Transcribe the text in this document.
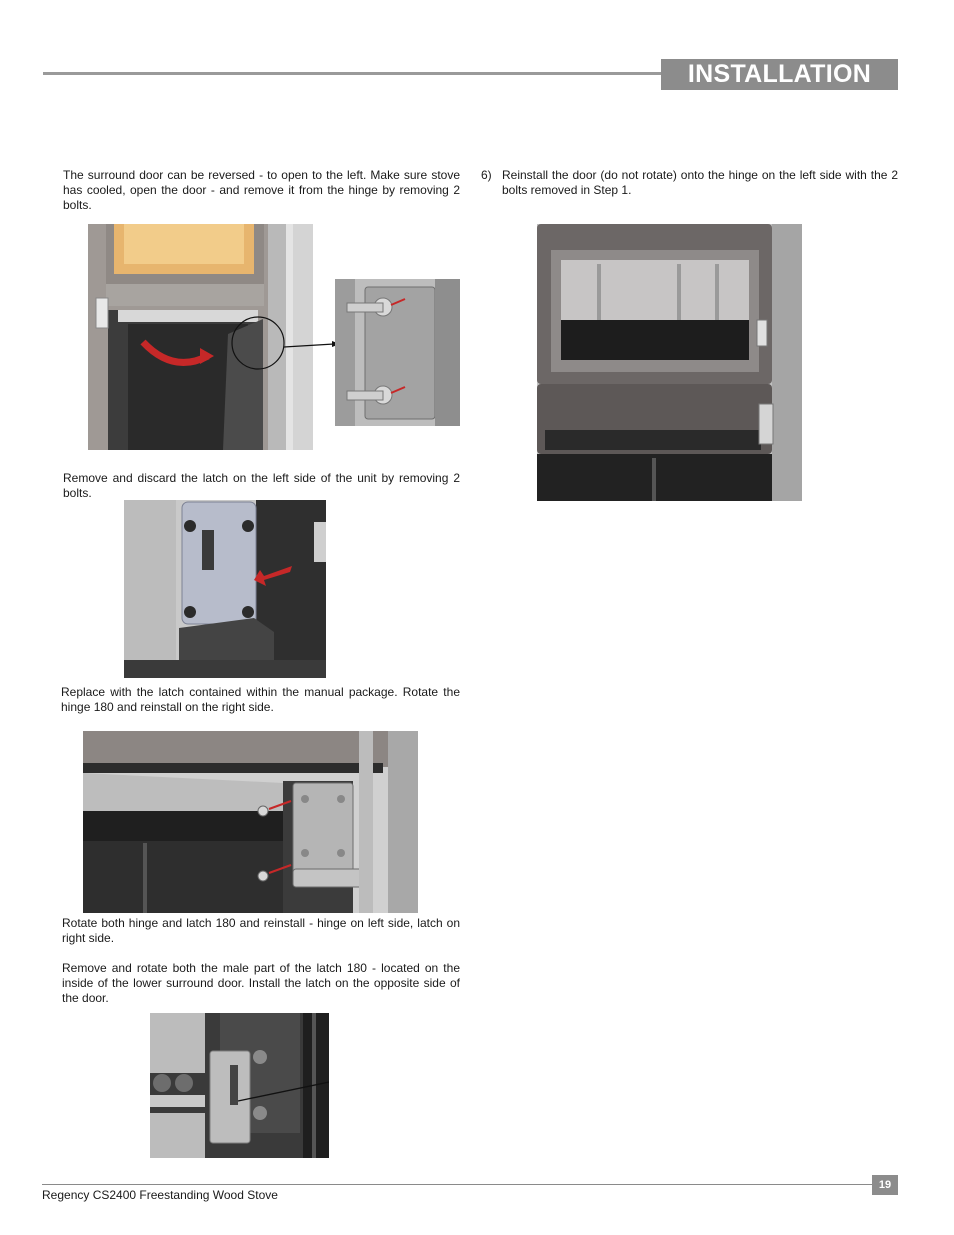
INSTALLATION
The surround door can be reversed - to open to the left. Make sure stove has cooled, open the door - and remove it from the hinge by removing 2 bolts.
Remove and discard the latch on the left side of the unit by removing 2 bolts.
Replace with the latch contained within the manual package. Rotate the hinge 180 and reinstall on the right side.
Rotate both hinge and latch 180 and reinstall - hinge on left side, latch on right side.
Remove and rotate both the male part of the latch 180 - located on the inside of the lower surround door. Install the latch on the opposite side of the door.
6) Reinstall the door (do not rotate) onto the hinge on the left side with the 2 bolts removed in Step 1.
Regency CS2400 Freestanding Wood Stove
19
